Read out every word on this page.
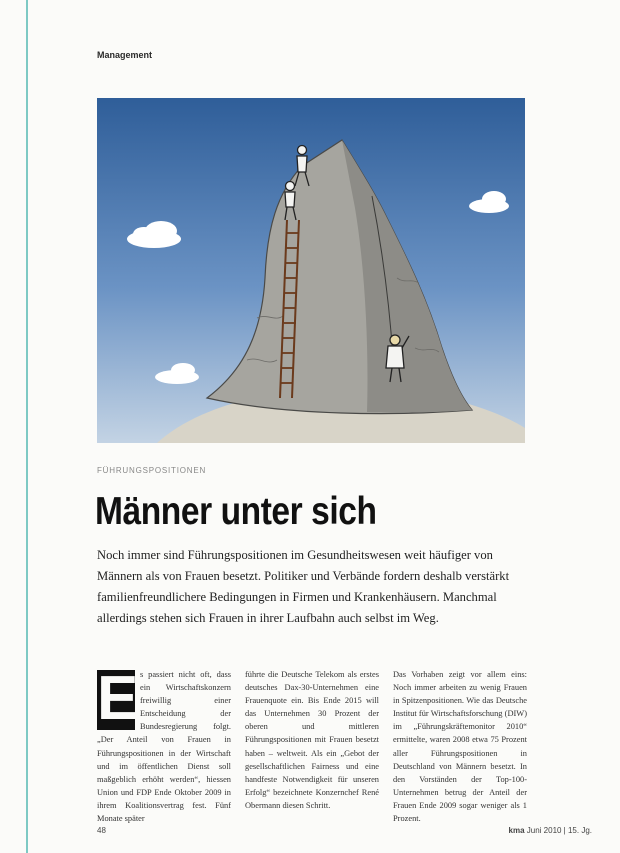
Management
FÜHRUNGSPOSITIONEN
Männer unter sich

Noch immer sind Führungspositionen im Gesundheitswesen weit häufiger von Männern als von Frauen besetzt. Politiker und Verbände fordern deshalb verstärkt familienfreundlichere Bedingungen in Firmen und Krankenhäusern. Manchmal allerdings stehen sich Frauen in ihrer Laufbahn auch selbst im Weg.

E s passiert nicht oft, dass ein Wirtschaftskonzern freiwillig einer Entscheidung der Bundesregierung folgt. „Der Anteil von Frauen in Führungspositionen in der Wirtschaft und im öffentlichen Dienst soll maßgeblich erhöht werden“, hiessen Union und FDP Ende Oktober 2009 in ihrem Koalitionsvertrag fest. Fünf Monate später
führte die Deutsche Telekom als erstes deutsches Dax-30-Unternehmen eine Frauenquote ein. Bis Ende 2015 will das Unternehmen 30 Prozent der oberen und mittleren Führungspositionen mit Frauen besetzt haben – weltweit. Als ein „Gebot der gesellschaftlichen Fairness und eine handfeste Notwendigkeit für unseren Erfolg“ bezeichnete Konzernchef René Obermann diesen Schritt.
Das Vorhaben zeigt vor allem eins: Noch immer arbeiten zu wenig Frauen in Spitzenpositionen. Wie das Deutsche Institut für Wirtschaftsforschung (DIW) im „Führungskräftemonitor 2010“ ermittelte, waren 2008 etwa 75 Prozent aller Führungspositionen in Deutschland von Männern besetzt. In den Vorständen der Top-100-Unternehmen betrug der Anteil der Frauen Ende 2009 sogar weniger als 1 Prozent.
48	kma Juni 2010 | 15. Jg.
